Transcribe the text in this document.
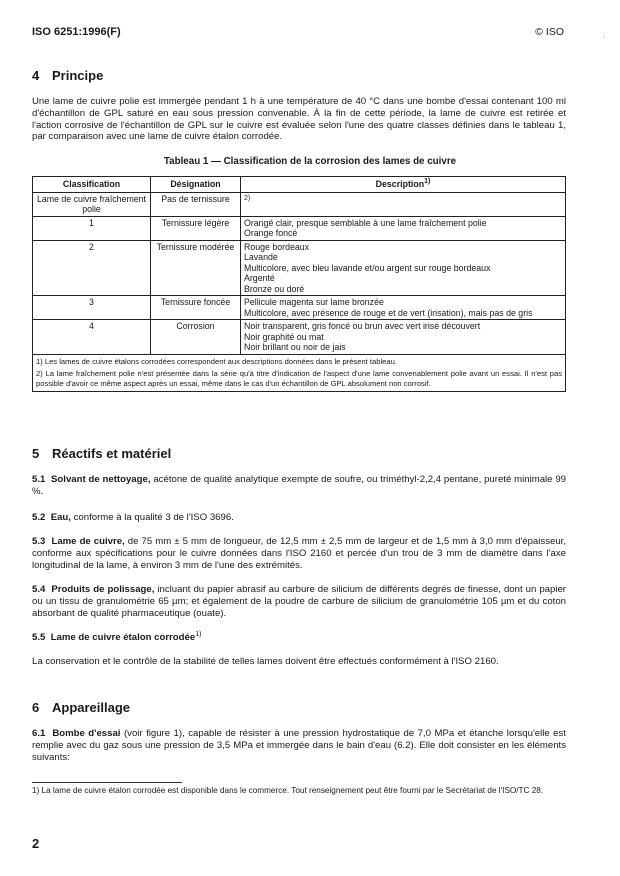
ISO 6251:1996(F)	© ISO	·
4 Principe

Une lame de cuivre polie est immergée pendant 1 h à une température de 40 °C dans une bombe d'essai contenant 100 ml d'échantillon de GPL saturé en eau sous pression convenable. À la fin de cette période, la lame de cuivre est retirée et l'action corrosive de l'échantillon de GPL sur le cuivre est évaluée selon l'une des quatre classes définies dans le tableau 1, par comparaison avec une lame de cuivre étalon corrodée.

Tableau 1 — Classification de la corrosion des lames de cuivre
Classification	Désignation	Description$^{1)}$
Lame de cuivre fraîchement polie	Pas de ternissure	2)

1	Ternissure légère	Orangé clair, presque semblable à une lame fraîchement polie
Orange foncé

2	Ternissure modérée	Rouge bordeaux
Lavande
Multicolore, avec bleu lavande et/ou argent sur rouge bordeaux
Argenté
Bronze ou doré

3	Ternissure foncée	Pellicule magenta sur lame bronzée
Multicolore, avec présence de rouge et de vert (irisation), mais pas de gris

4	Corrosion	Noir transparent, gris foncé ou brun avec vert irisé découvert
Noir graphité ou mat
Noir brillant ou noir de jais

1) Les lames de cuivre étalons corrodées correspondent aux descriptions données dans le présent tableau.
2) La lame fraîchement polie n'est présentée dans la série qu'à titre d'indication de l'aspect d'une lame convenablement polie avant un essai. Il n'est pas possible d'avoir ce même aspect après un essai, même dans le cas d'un échantillon de GPL absolument non corrosif.		
5 Réactifs et matériel

5.1 Solvant de nettoyage, acétone de qualité analytique exempte de soufre, ou triméthyl-2,2,4 pentane, pureté minimale 99 %.

5.2 Eau, conforme à la qualité 3 de l'ISO 3696.

5.3 Lame de cuivre, de 75 mm ± 5 mm de longueur, de 12,5 mm ± 2,5 mm de largeur et de 1,5 mm à 3,0 mm d'épaisseur, conforme aux spécifications pour le cuivre données dans l'ISO 2160 et percée d'un trou de 3 mm de diamètre dans l'axe longitudinal de la lame, à environ 3 mm de l'une des extrémités.

5.4 Produits de polissage, incluant du papier abrasif au carbure de silicium de différents degrés de finesse, dont un papier ou un tissu de granulométrie 65 µm; et également de la poudre de carbure de silicium de granulométrie 105 µm et du coton absorbant de qualité pharmaceutique (ouate).

5.5 Lame de cuivre étalon corrodée$^{1)}$

La conservation et le contrôle de la stabilité de telles lames doivent être effectués conformément à l'ISO 2160.

6 Appareillage

6.1 Bombe d'essai (voir figure 1), capable de résister à une pression hydrostatique de 7,0 MPa et étanche lorsqu'elle est remplie avec du gaz sous une pression de 3,5 MPa et immergée dans le bain d'eau (6.2). Elle doit consister en les éléments suivants:

1) La lame de cuivre étalon corrodée est disponible dans le commerce. Tout renseignement peut être fourni par le Secrétariat de l'ISO/TC 28.

2
